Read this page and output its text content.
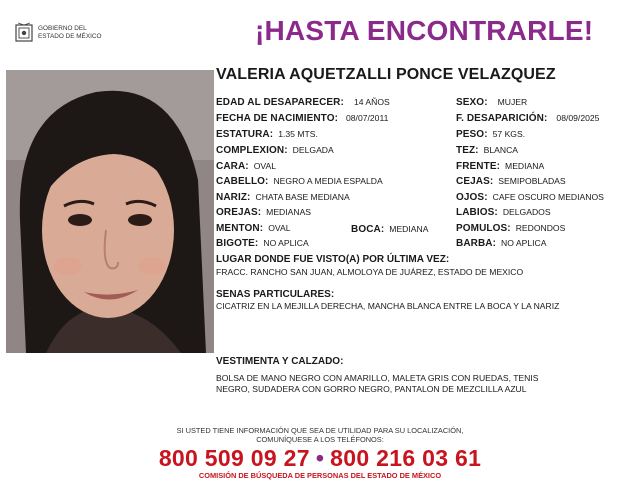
GOBIERNO DEL
ESTADO DE MÉXICO	¡HASTA ENCONTRARLE!
VALERIA AQUETZALLI PONCE VELAZQUEZ
EDAD AL DESAPARECER: 14 AÑOS
FECHA DE NACIMIENTO: 08/07/2011
ESTATURA: 1.35 MTS.
COMPLEXION: DELGADA
CARA: OVAL
CABELLO: NEGRO A MEDIA ESPALDA
NARIZ: CHATA BASE MEDIANA
OREJAS: MEDIANAS
MENTON: OVAL
BIGOTE: NO APLICA
BOCA: MEDIANA
SEXO: MUJER
F. DESAPARICIÓN: 08/09/2025
PESO: 57 KGS.
TEZ: BLANCA
FRENTE: MEDIANA
CEJAS: SEMIPOBLADAS
OJOS: CAFE OSCURO MEDIANOS
LABIOS: DELGADOS
POMULOS: REDONDOS
BARBA: NO APLICA
LUGAR DONDE FUE VISTO(A) POR ÚLTIMA VEZ:
FRACC. RANCHO SAN JUAN, ALMOLOYA DE JUÁREZ, ESTADO DE MEXICO
SENAS PARTICULARES:
CICATRIZ EN LA MEJILLA DERECHA, MANCHA BLANCA ENTRE LA BOCA Y LA NARIZ
VESTIMENTA Y CALZADO:
BOLSA DE MANO NEGRO CON AMARILLO, MALETA GRIS CON RUEDAS, TENIS
NEGRO, SUDADERA CON GORRO NEGRO, PANTALON DE MEZCLILLA AZUL
SI USTED TIENE INFORMACIÓN QUE SEA DE UTILIDAD PARA SU LOCALIZACIÓN,
COMUNÍQUESE A LOS TELÉFONOS:
800 509 09 27 • 800 216 03 61
COMISIÓN DE BÚSQUEDA DE PERSONAS DEL ESTADO DE MÉXICO
